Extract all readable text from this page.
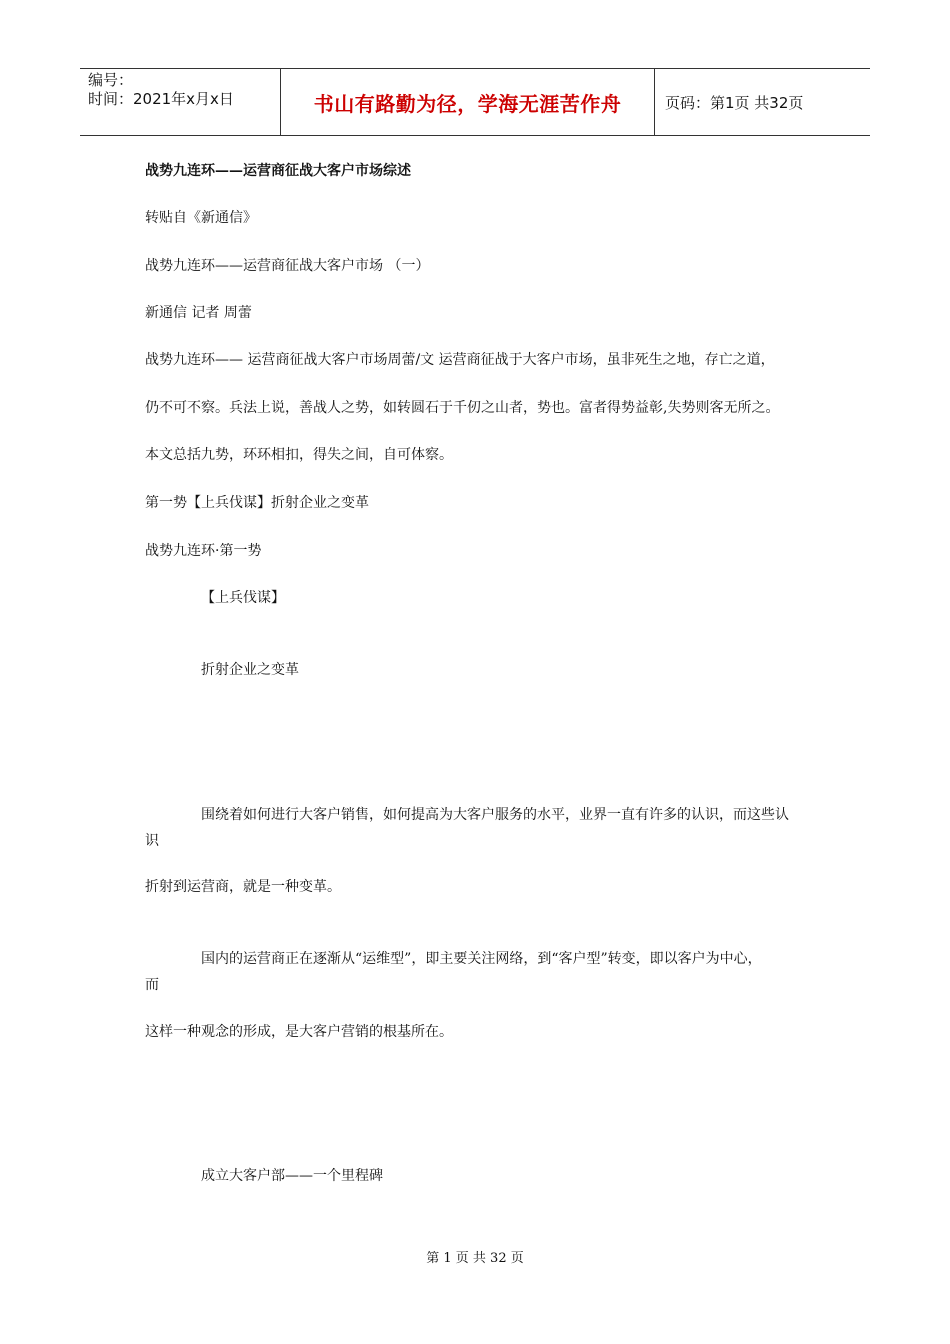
编号：
时间：2021年x月x日	书山有路勤为径，学海无涯苦作舟	页码：第1页 共32页
战势九连环——运营商征战大客户市场综述
转贴自《新通信》
战势九连环——运营商征战大客户市场 （一）
新通信 记者 周蕾
战势九连环—— 运营商征战大客户市场周蕾/文 运营商征战于大客户市场，虽非死生之地，存亡之道，
仍不可不察。兵法上说，善战人之势，如转圆石于千仞之山者，势也。富者得势益彰,失势则客无所之。
本文总括九势，环环相扣，得失之间，自可体察。
第一势【上兵伐谋】折射企业之变革
战势九连环·第一势
【上兵伐谋】
折射企业之变革
围绕着如何进行大客户销售，如何提高为大客户服务的水平，业界一直有许多的认识，而这些认
识
折射到运营商，就是一种变革。
国内的运营商正在逐渐从“运维型”，即主要关注网络，到“客户型”转变，即以客户为中心，
而
这样一种观念的形成，是大客户营销的根基所在。
成立大客户部——一个里程碑
第 1 页 共 32 页
